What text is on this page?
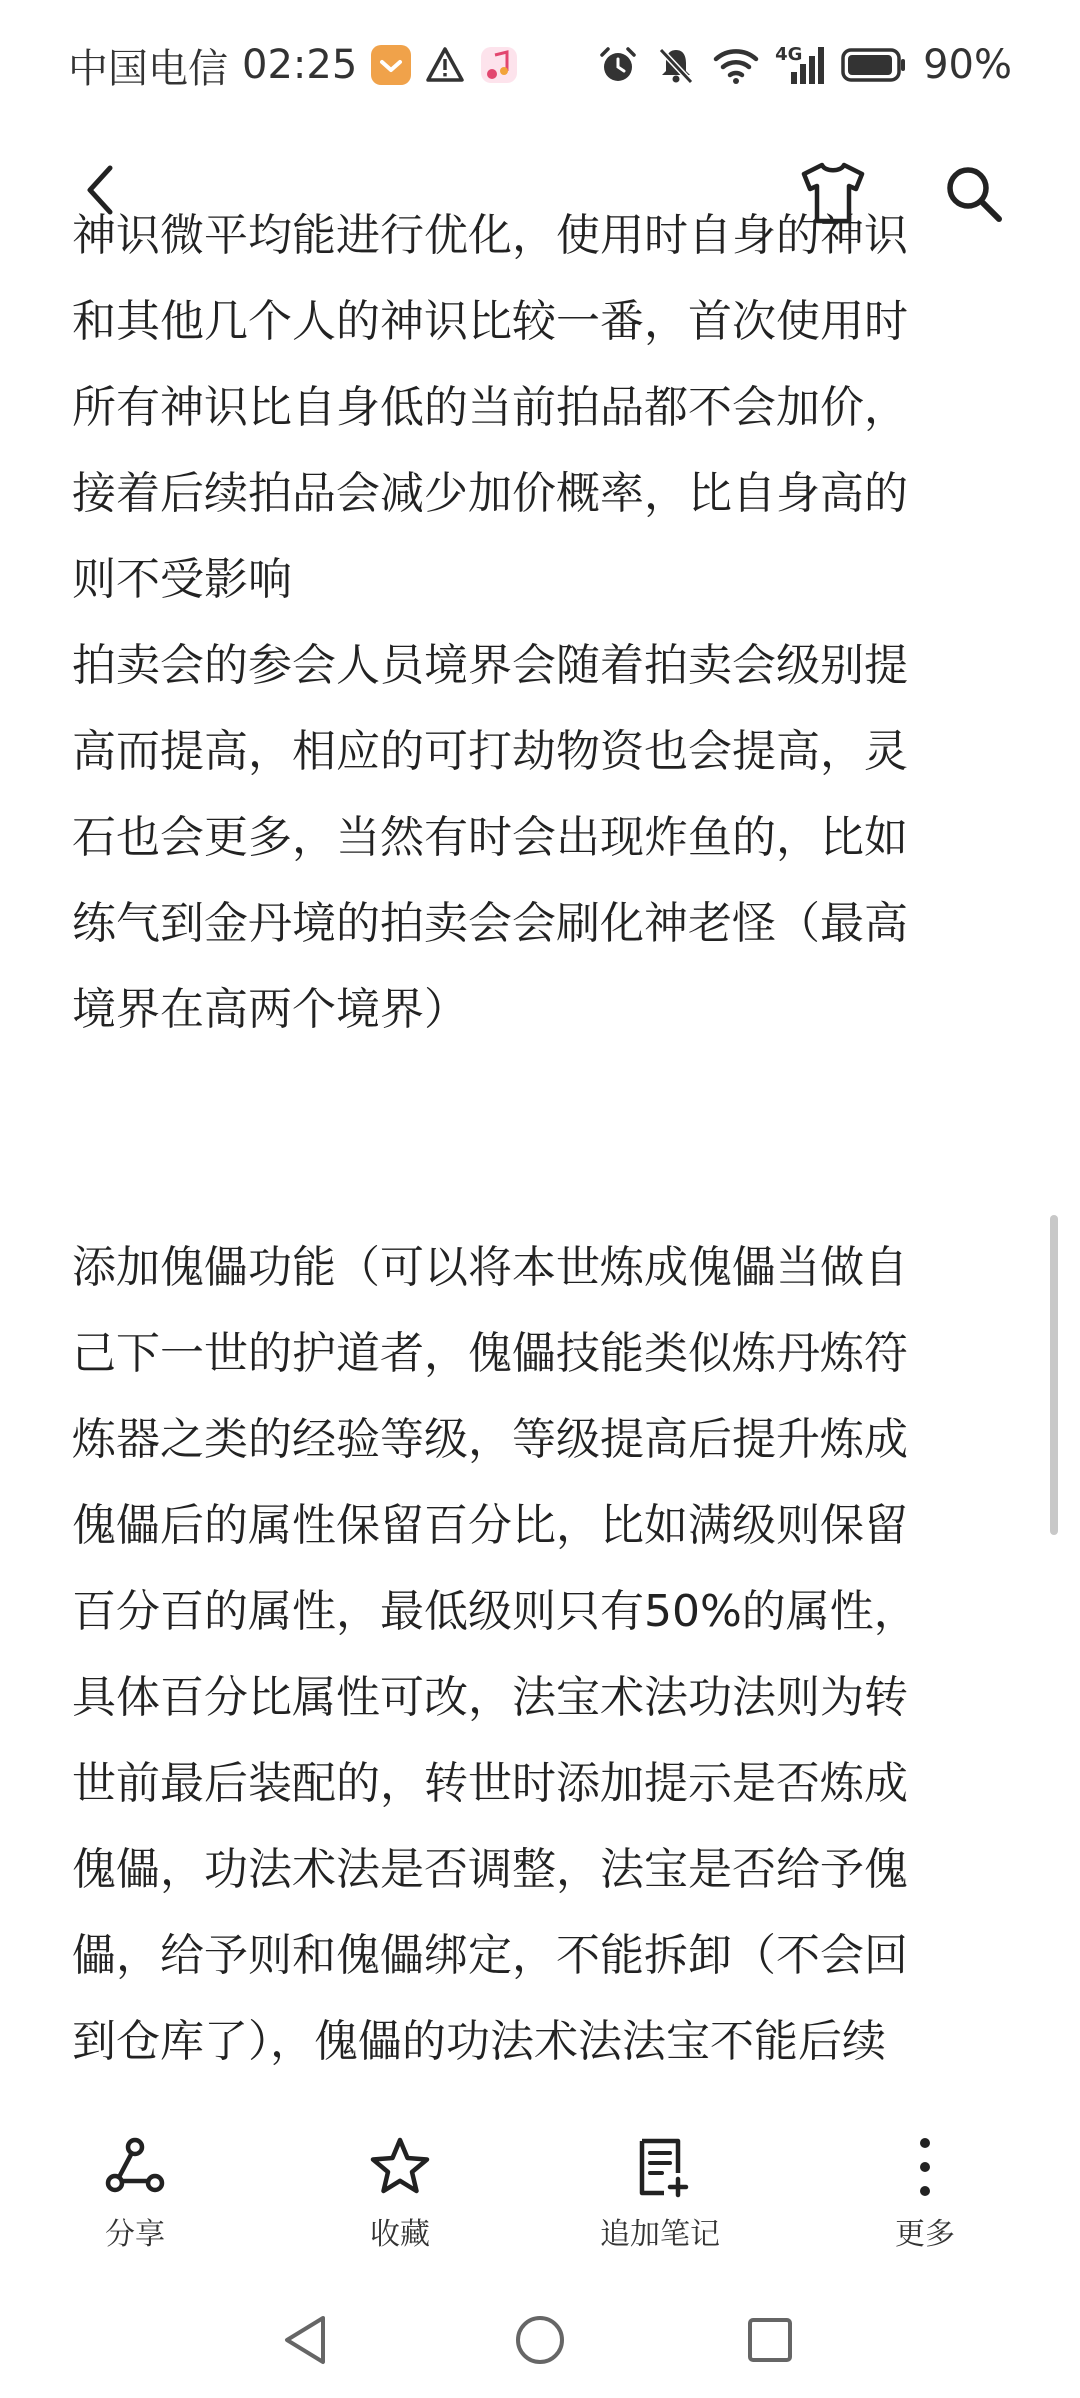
中国电信 02:25	4G	90%
神识微平均能进行优化，使用时自身的神识
和其他几个人的神识比较一番，首次使用时
所有神识比自身低的当前拍品都不会加价，
接着后续拍品会减少加价概率，比自身高的
则不受影响
拍卖会的参会人员境界会随着拍卖会级别提
高而提高，相应的可打劫物资也会提高，灵
石也会更多，当然有时会出现炸鱼的，比如
练气到金丹境的拍卖会会刷化神老怪（最高
境界在高两个境界）
添加傀儡功能（可以将本世炼成傀儡当做自
己下一世的护道者，傀儡技能类似炼丹炼符
炼器之类的经验等级，等级提高后提升炼成
傀儡后的属性保留百分比，比如满级则保留
百分百的属性，最低级则只有50%的属性，
具体百分比属性可改，法宝术法功法则为转
世前最后装配的，转世时添加提示是否炼成
傀儡，功法术法是否调整，法宝是否给予傀
儡，给予则和傀儡绑定，不能拆卸（不会回
到仓库了），傀儡的功法术法法宝不能后续
分享	收藏	追加笔记	更多
